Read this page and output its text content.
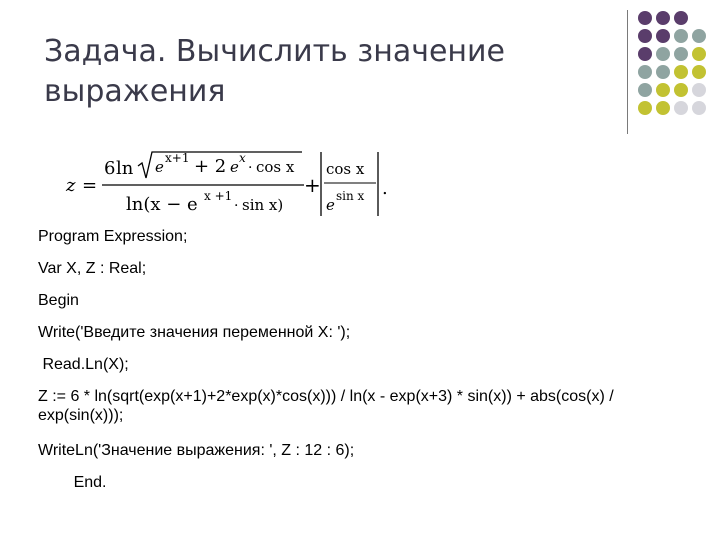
Задача. Вычислить значение выражения
z =
6 ln e x+1 + 2 e x
· cos x
ln(x − e x +1
· sin x)
+
cos x
e sin x .
Program Expression;
Var X, Z : Real;
Begin
Write('Введите значения переменной X: ');
Read.Ln(X);
Z := 6 * ln(sqrt(exp(x+1)+2*exp(x)*cos(x))) / ln(x - exp(x+3) * sin(x)) + abs(cos(x) / exp(sin(x)));
WriteLn('Значение выражения: ', Z : 12 : 6);
End.
